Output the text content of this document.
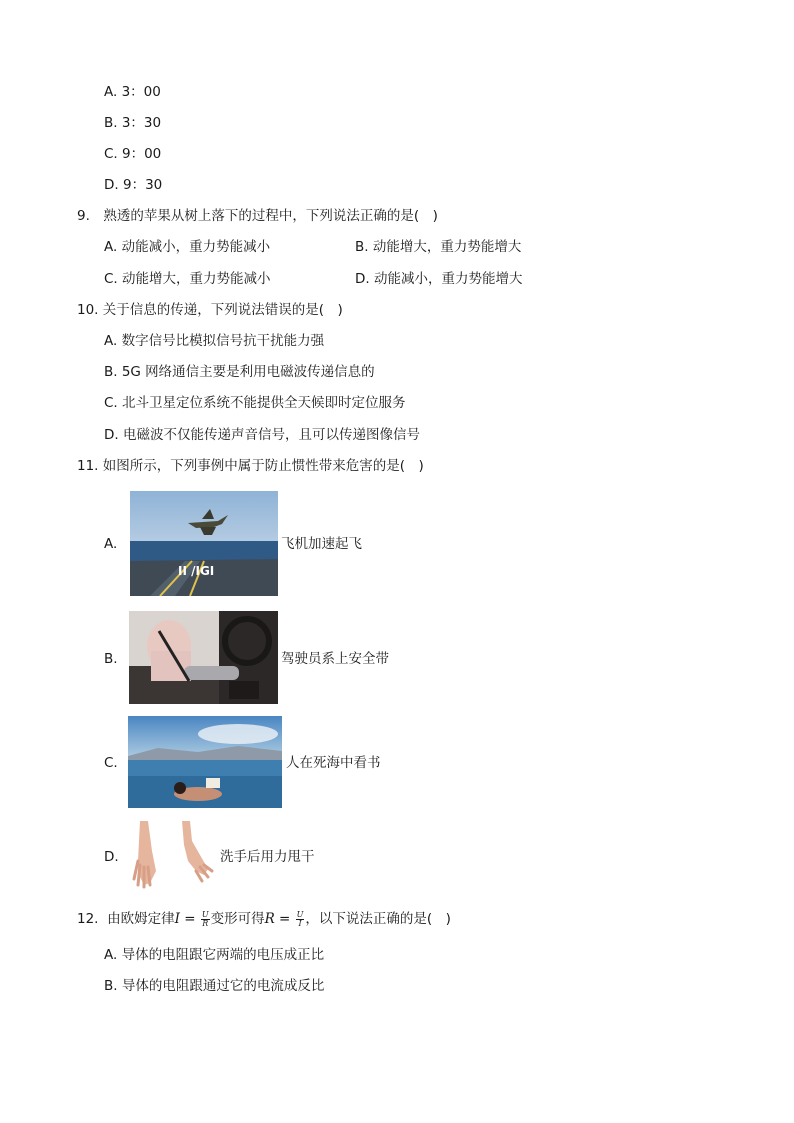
A. 3：00
B. 3：30
C. 9：00
D. 9：30
9.　熟透的苹果从树上落下的过程中，下列说法正确的是(　)
A. 动能减小，重力势能减小	B. 动能增大，重力势能增大
C. 动能增大，重力势能减小	D. 动能减小，重力势能增大
10. 关于信息的传递，下列说法错误的是(　)
A. 数字信号比模拟信号抗干扰能力强
B. 5G 网络通信主要是利用电磁波传递信息的
C. 北斗卫星定位系统不能提供全天候即时定位服务
D. 电磁波不仅能传递声音信号，且可以传递图像信号
11. 如图所示，下列事例中属于防止惯性带来危害的是(　)
A.
II /IGI
飞机加速起飞
B.	驾驶员系上安全带
C.	人在死海中看书
D.	洗手后用力甩干
12. 由欧姆定律$I = \frac{U}{R}$ 变形可得$R = \frac{U}{I}$ ，以下说法正确的是(　)
A. 导体的电阻跟它两端的电压成正比
B. 导体的电阻跟通过它的电流成反比
